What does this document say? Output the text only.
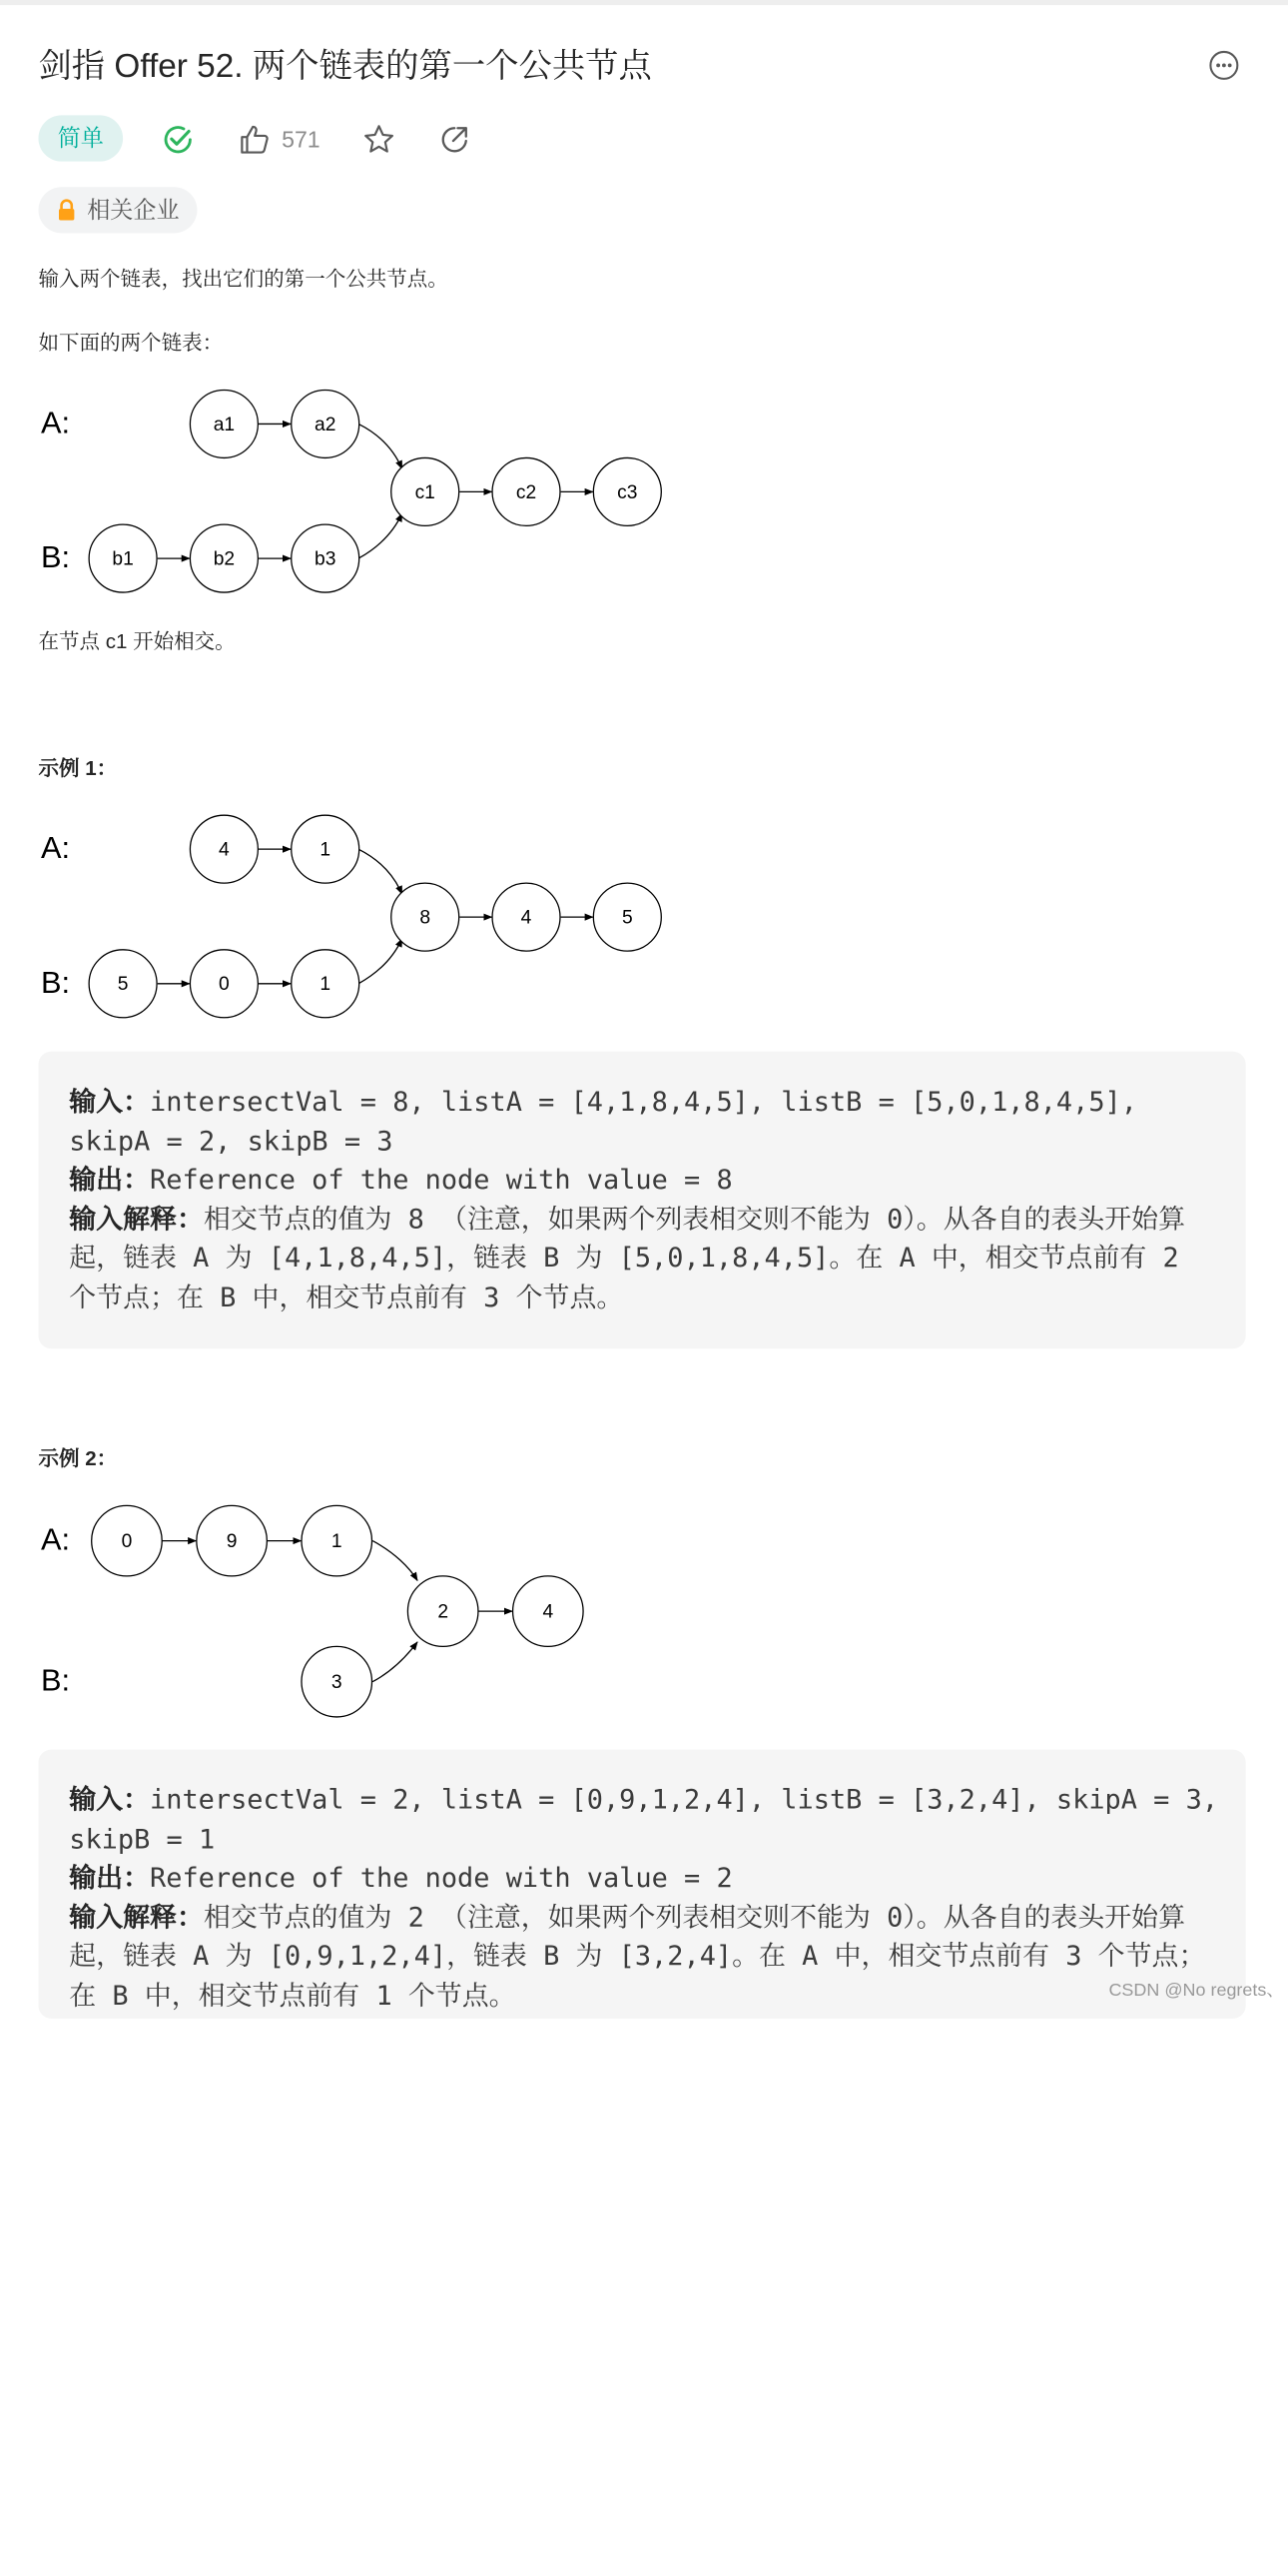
剑指 Offer 52. 两个链表的第一个公共节点
简单	571
相关企业
输入两个链表，找出它们的第一个公共节点。
如下面的两个链表：
A:
B:
a1	a2
b1	b2	b3
c1	c2	c3
在节点 c1 开始相交。
示例 1：
A:
B:
4	1
5	0	1
8	4	5
输入：intersectVal = 8, listA = [4,1,8,4,5], listB = [5,0,1,8,4,5], skipA = 2, skipB = 3
输出：Reference of the node with value = 8
输入解释：相交节点的值为 8 （注意，如果两个列表相交则不能为 0）。从各自的表头开始算起，链表 A 为 [4,1,8,4,5]，链表 B 为 [5,0,1,8,4,5]。在 A 中，相交节点前有 2 个节点；在 B 中，相交节点前有 3 个节点。
示例 2：
A:
B:
0	9	1
3
2	4
输入：intersectVal = 2, listA = [0,9,1,2,4], listB = [3,2,4], skipA = 3, skipB = 1
输出：Reference of the node with value = 2
输入解释：相交节点的值为 2 （注意，如果两个列表相交则不能为 0）。从各自的表头开始算起，链表 A 为 [0,9,1,2,4]，链表 B 为 [3,2,4]。在 A 中，相交节点前有 3 个节点；在 B 中，相交节点前有 1 个节点。	CSDN @No regrets、
